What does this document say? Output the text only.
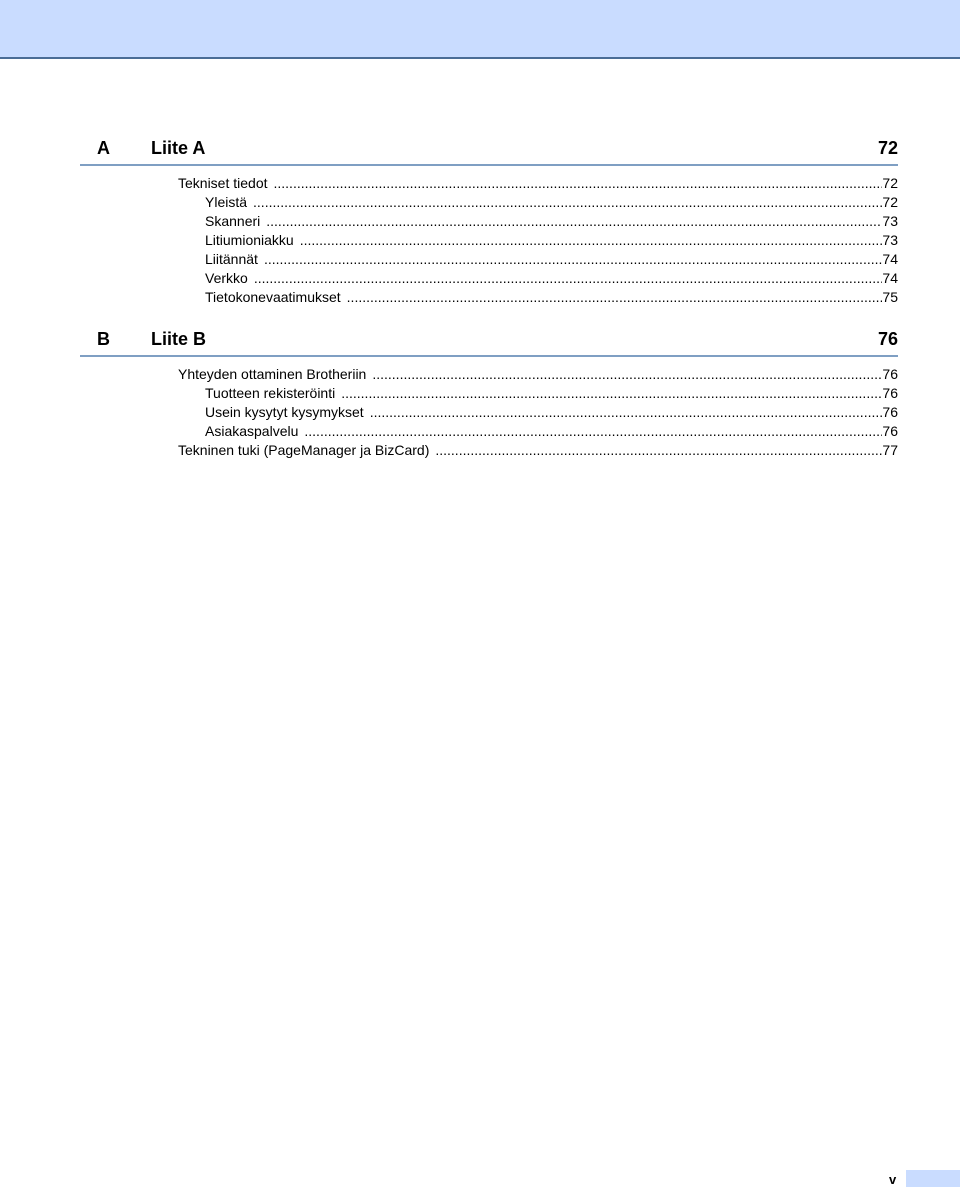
A Liite A	72
Tekniset tiedot .....	72
Yleistä .....	72
Skanneri .....	73
Litiumioniakku .....	73
Liitännät .....	74
Verkko .....	74
Tietokonevaatimukset .....	75
B Liite B	76
Yhteyden ottaminen Brotheriin .....	76
Tuotteen rekisteröinti .....	76
Usein kysytyt kysymykset .....	76
Asiakaspalvelu .....	76
Tekninen tuki (PageManager ja BizCard) .....	77
v
